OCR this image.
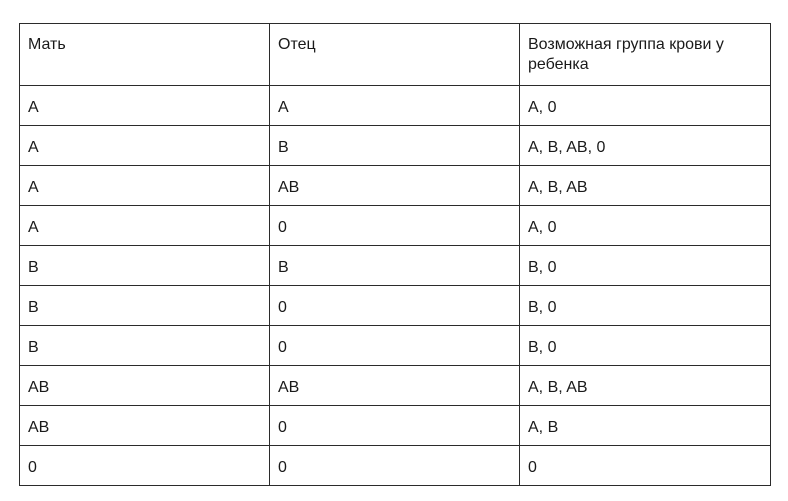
Мать	Отец	Возможная группа крови у ребенка
A	A	A, 0
A	B	A, B, AB, 0
A	AB	A, B, AB
A	0	A, 0
B	B	B, 0
B	0	B, 0
B	0	B, 0
AB	AB	A, B, AB
AB	0	A, B
0	0	0
